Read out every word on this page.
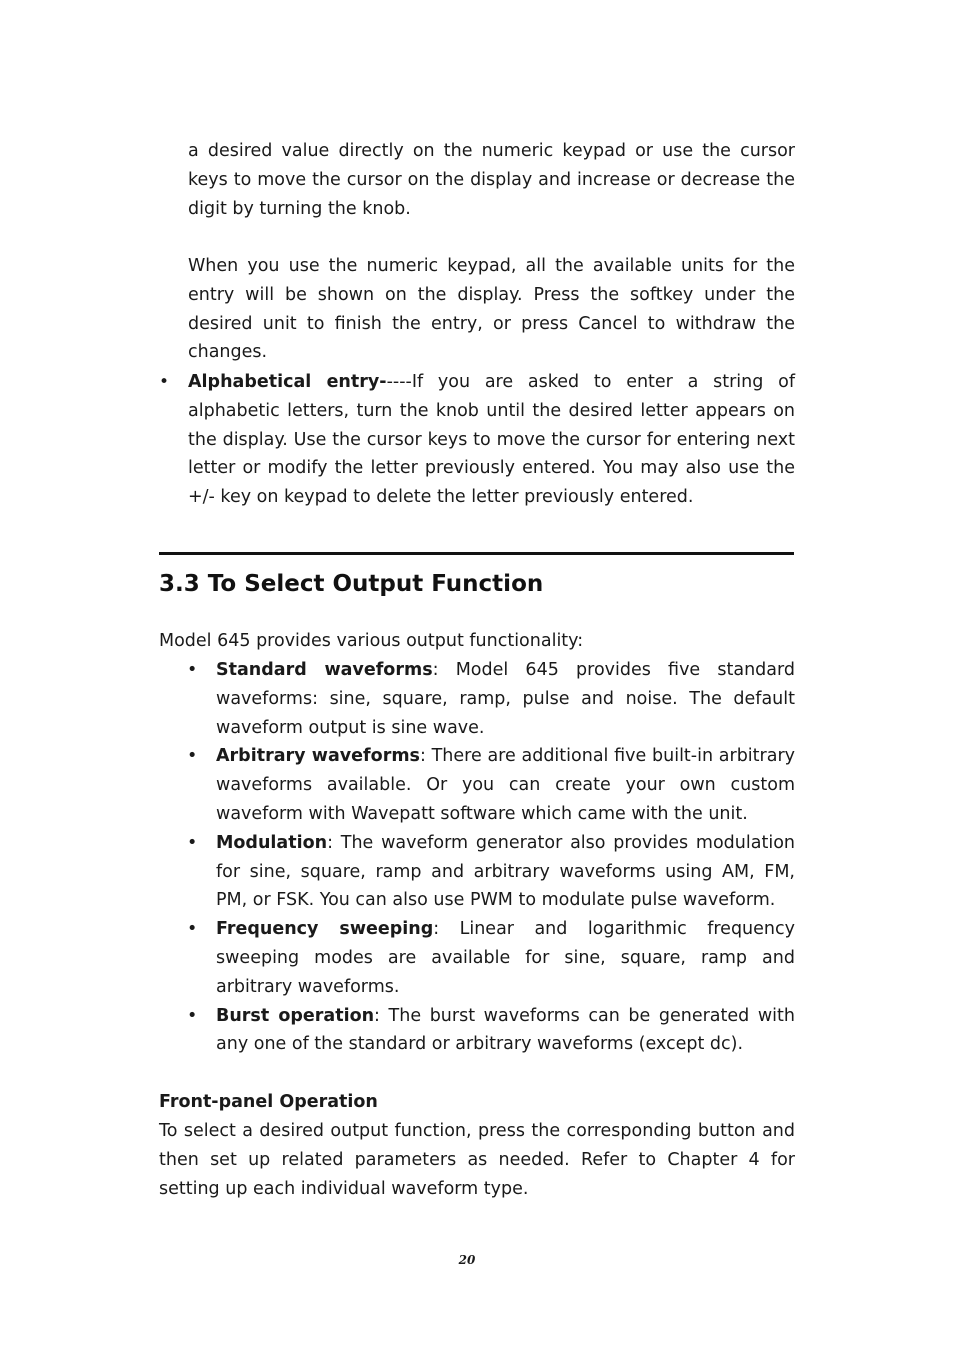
a desired value directly on the numeric keypad or use the cursor keys to move the cursor on the display and increase or decrease the digit by turning the knob.

When you use the numeric keypad, all the available units for the entry will be shown on the display. Press the softkey under the desired unit to finish the entry, or press Cancel to withdraw the changes.

• Alphabetical entry-----If you are asked to enter a string of alphabetic letters, turn the knob until the desired letter appears on the display. Use the cursor keys to move the cursor for entering next letter or modify the letter previously entered. You may also use the +/- key on keypad to delete the letter previously entered.

3.3 To Select Output Function

Model 645 provides various output functionality:

• Standard waveforms: Model 645 provides five standard waveforms: sine, square, ramp, pulse and noise. The default waveform output is sine wave.
• Arbitrary waveforms: There are additional five built-in arbitrary waveforms available. Or you can create your own custom waveform with Wavepatt software which came with the unit.
• Modulation: The waveform generator also provides modulation for sine, square, ramp and arbitrary waveforms using AM, FM, PM, or FSK. You can also use PWM to modulate pulse waveform.
• Frequency sweeping: Linear and logarithmic frequency sweeping modes are available for sine, square, ramp and arbitrary waveforms.
• Burst operation: The burst waveforms can be generated with any one of the standard or arbitrary waveforms (except dc).

Front-panel Operation

To select a desired output function, press the corresponding button and then set up related parameters as needed. Refer to Chapter 4 for setting up each individual waveform type.

20
